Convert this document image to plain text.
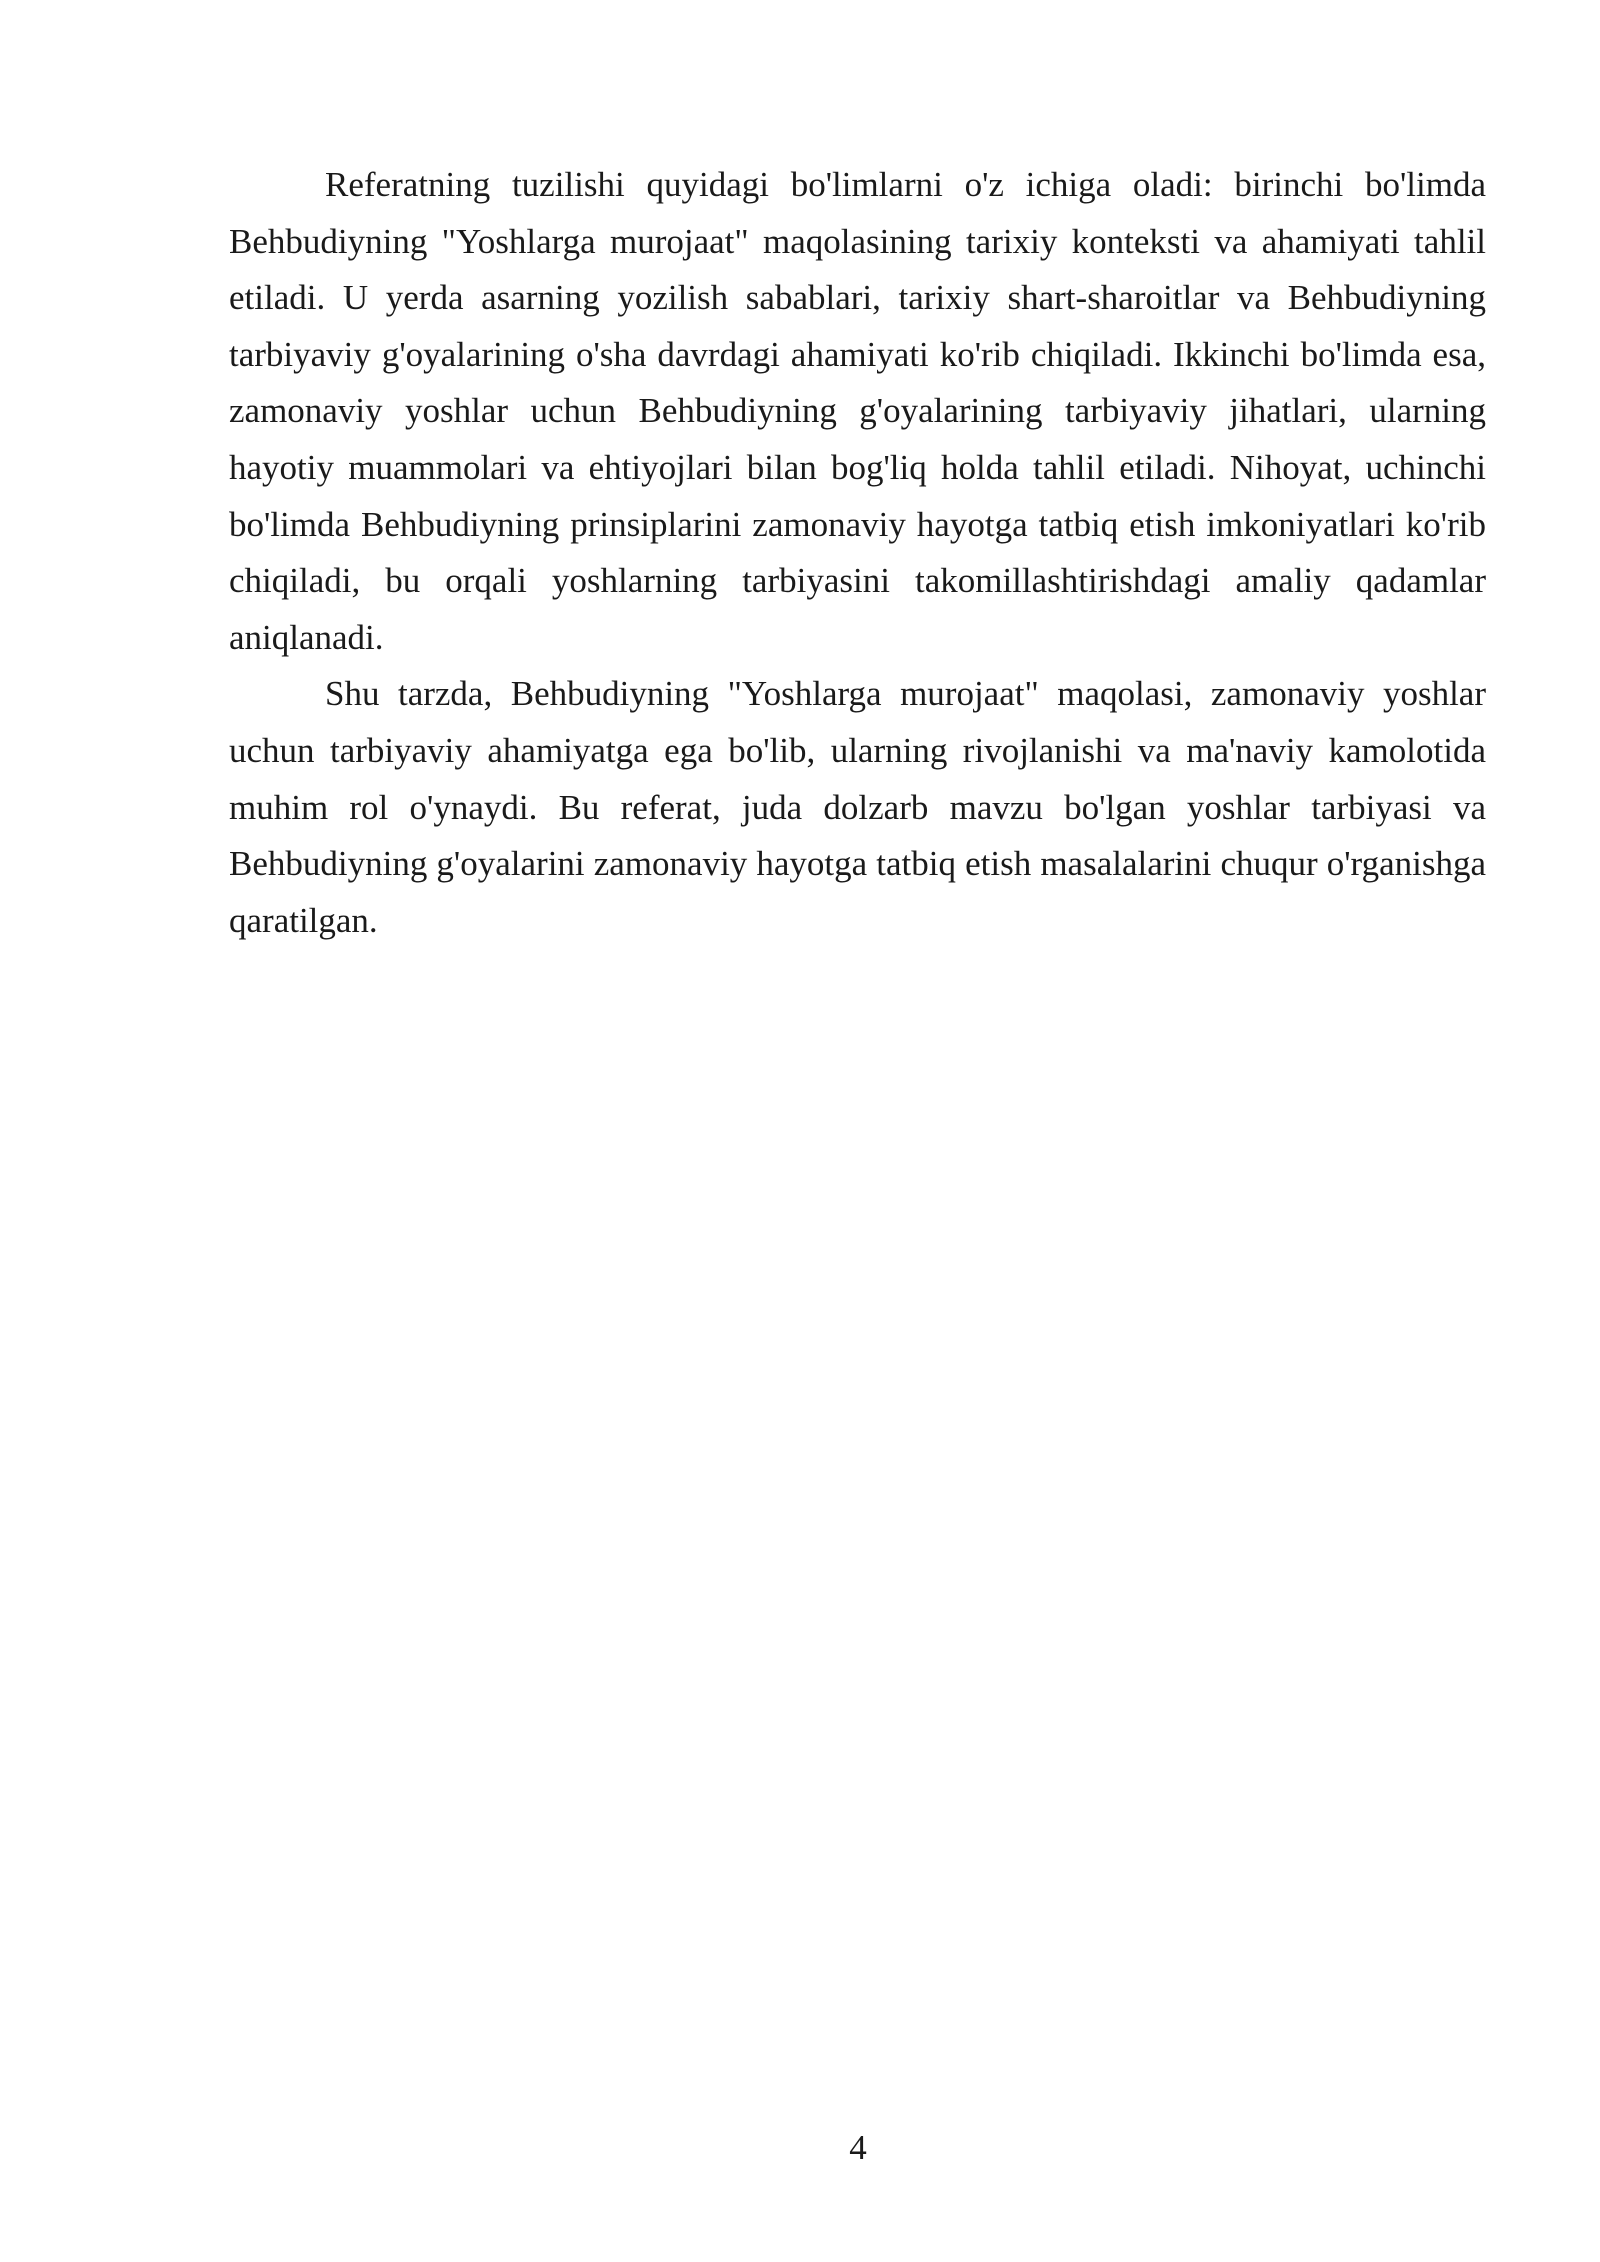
Referatning tuzilishi quyidagi bo'limlarni o'z ichiga oladi: birinchi bo'limda Behbudiyning "Yoshlarga murojaat" maqolasining tarixiy konteksti va ahamiyati tahlil etiladi. U yerda asarning yozilish sabablari, tarixiy shart-sharoitlar va Behbudiyning tarbiyaviy g'oyalarining o'sha davrdagi ahamiyati ko'rib chiqiladi. Ikkinchi bo'limda esa, zamonaviy yoshlar uchun Behbudiyning g'oyalarining tarbiyaviy jihatlari, ularning hayotiy muammolari va ehtiyojlari bilan bog'liq holda tahlil etiladi. Nihoyat, uchinchi bo'limda Behbudiyning prinsiplarini zamonaviy hayotga tatbiq etish imkoniyatlari ko'rib chiqiladi, bu orqali yoshlarning tarbiyasini takomillashtirishdagi amaliy qadamlar aniqlanadi.

Shu tarzda, Behbudiyning "Yoshlarga murojaat" maqolasi, zamonaviy yoshlar uchun tarbiyaviy ahamiyatga ega bo'lib, ularning rivojlanishi va ma'naviy kamolotida muhim rol o'ynaydi. Bu referat, juda dolzarb mavzu bo'lgan yoshlar tarbiyasi va Behbudiyning g'oyalarini zamonaviy hayotga tatbiq etish masalalarini chuqur o'rganishga qaratilgan.

4
